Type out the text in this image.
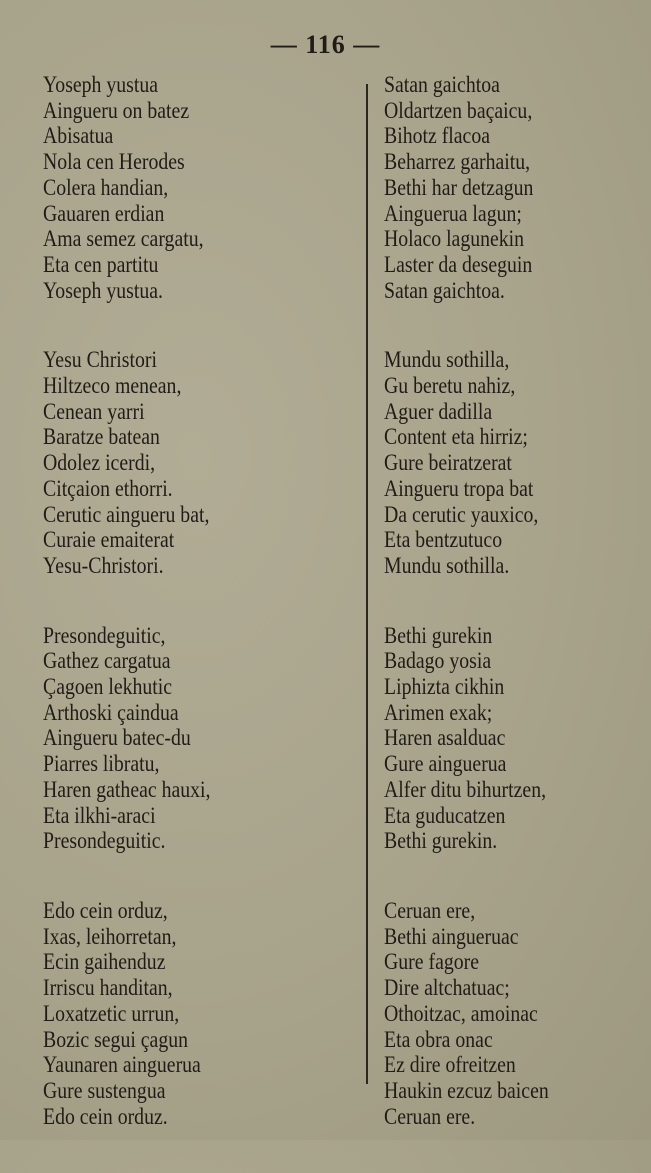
— 116 —
Yoseph yustua
Aingueru on batez
Abisatua
Nola cen Herodes
Colera handian,
Gauaren erdian
Ama semez cargatu,
Eta cen partitu
Yoseph yustua.
Yesu Christori
Hiltzeco menean,
Cenean yarri
Baratze batean
Odolez icerdi,
Citçaion ethorri.
Cerutic aingueru bat,
Curaie emaiterat
Yesu-Christori.
Presondeguitic,
Gathez cargatua
Çagoen lekhutic
Arthoski çaindua
Aingueru batec-du
Piarres libratu,
Haren gatheac hauxi,
Eta ilkhi-araci
Presondeguitic.
Edo cein orduz,
Ixas, leihorretan,
Ecin gaihenduz
Irriscu handitan,
Loxatzetic urrun,
Bozic segui çagun
Yaunaren ainguerua
Gure sustengua
Edo cein orduz.
Satan gaichtoa
Oldartzen baçaicu,
Bihotz flacoa
Beharrez garhaitu,
Bethi har detzagun
Ainguerua lagun;
Holaco lagunekin
Laster da deseguin
Satan gaichtoa.
Mundu sothilla,
Gu beretu nahiz,
Aguer dadilla
Content eta hirriz;
Gure beiratzerat
Aingueru tropa bat
Da cerutic yauxico,
Eta bentzutuco
Mundu sothilla.
Bethi gurekin
Badago yosia
Liphizta cikhin
Arimen exak;
Haren asalduac
Gure ainguerua
Alfer ditu bihurtzen,
Eta guducatzen
Bethi gurekin.
Ceruan ere,
Bethi aingueruac
Gure fagore
Dire altchatuac;
Othoitzac, amoinac
Eta obra onac
Ez dire ofreitzen
Haukin ezcuz baicen
Ceruan ere.
